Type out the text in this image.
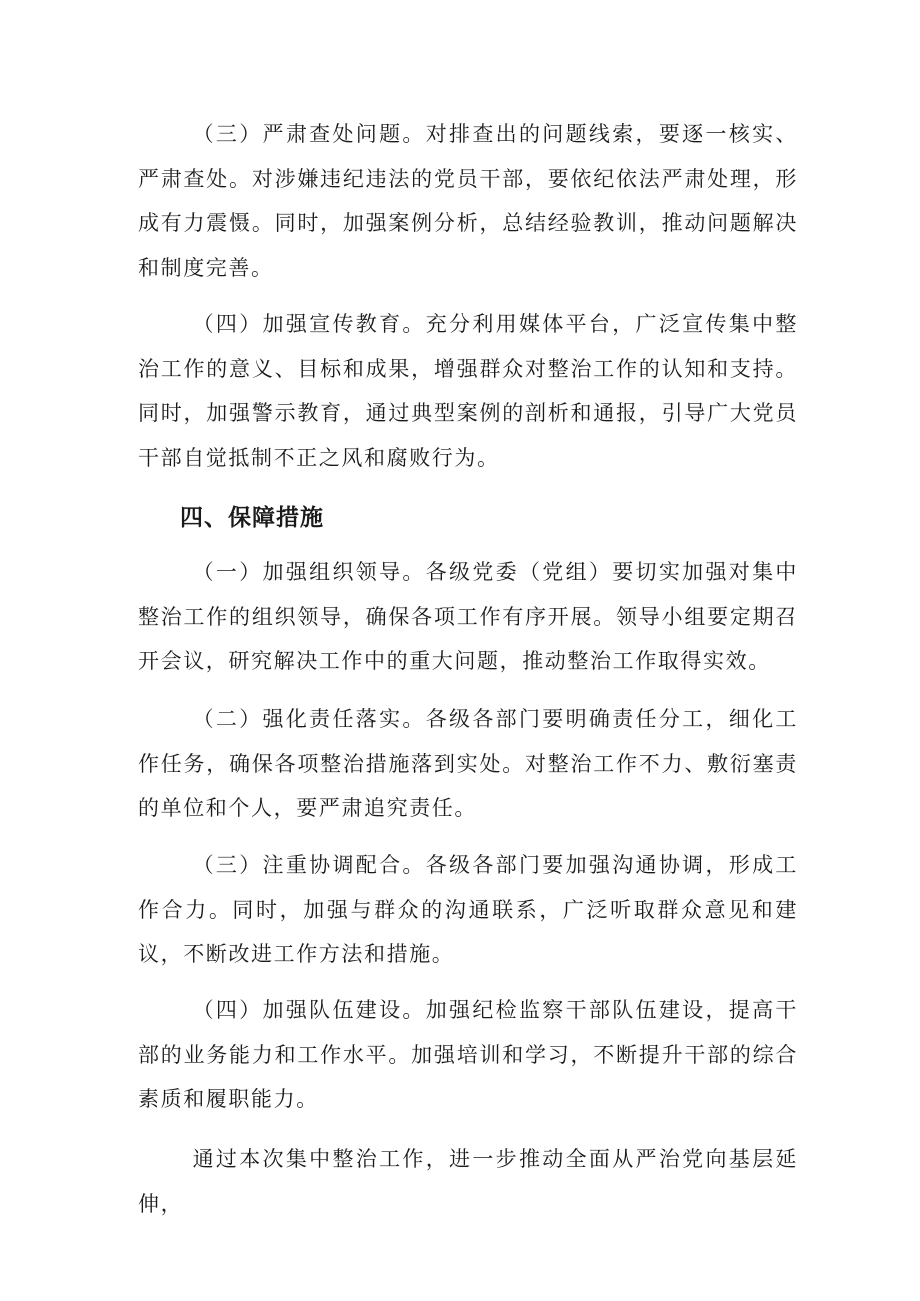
（三）严肃查处问题。对排查出的问题线索，要逐一核实、严肃查处。对涉嫌违纪违法的党员干部，要依纪依法严肃处理，形成有力震慑。同时，加强案例分析，总结经验教训，推动问题解决和制度完善。

（四）加强宣传教育。充分利用媒体平台，广泛宣传集中整治工作的意义、目标和成果，增强群众对整治工作的认知和支持。同时，加强警示教育，通过典型案例的剖析和通报，引导广大党员干部自觉抵制不正之风和腐败行为。

四、保障措施

（一）加强组织领导。各级党委（党组）要切实加强对集中整治工作的组织领导，确保各项工作有序开展。领导小组要定期召开会议，研究解决工作中的重大问题，推动整治工作取得实效。

（二）强化责任落实。各级各部门要明确责任分工，细化工作任务，确保各项整治措施落到实处。对整治工作不力、敷衍塞责的单位和个人，要严肃追究责任。

（三）注重协调配合。各级各部门要加强沟通协调，形成工作合力。同时，加强与群众的沟通联系，广泛听取群众意见和建议，不断改进工作方法和措施。

（四）加强队伍建设。加强纪检监察干部队伍建设，提高干部的业务能力和工作水平。加强培训和学习，不断提升干部的综合素质和履职能力。

通过本次集中整治工作，进一步推动全面从严治党向基层延伸，
